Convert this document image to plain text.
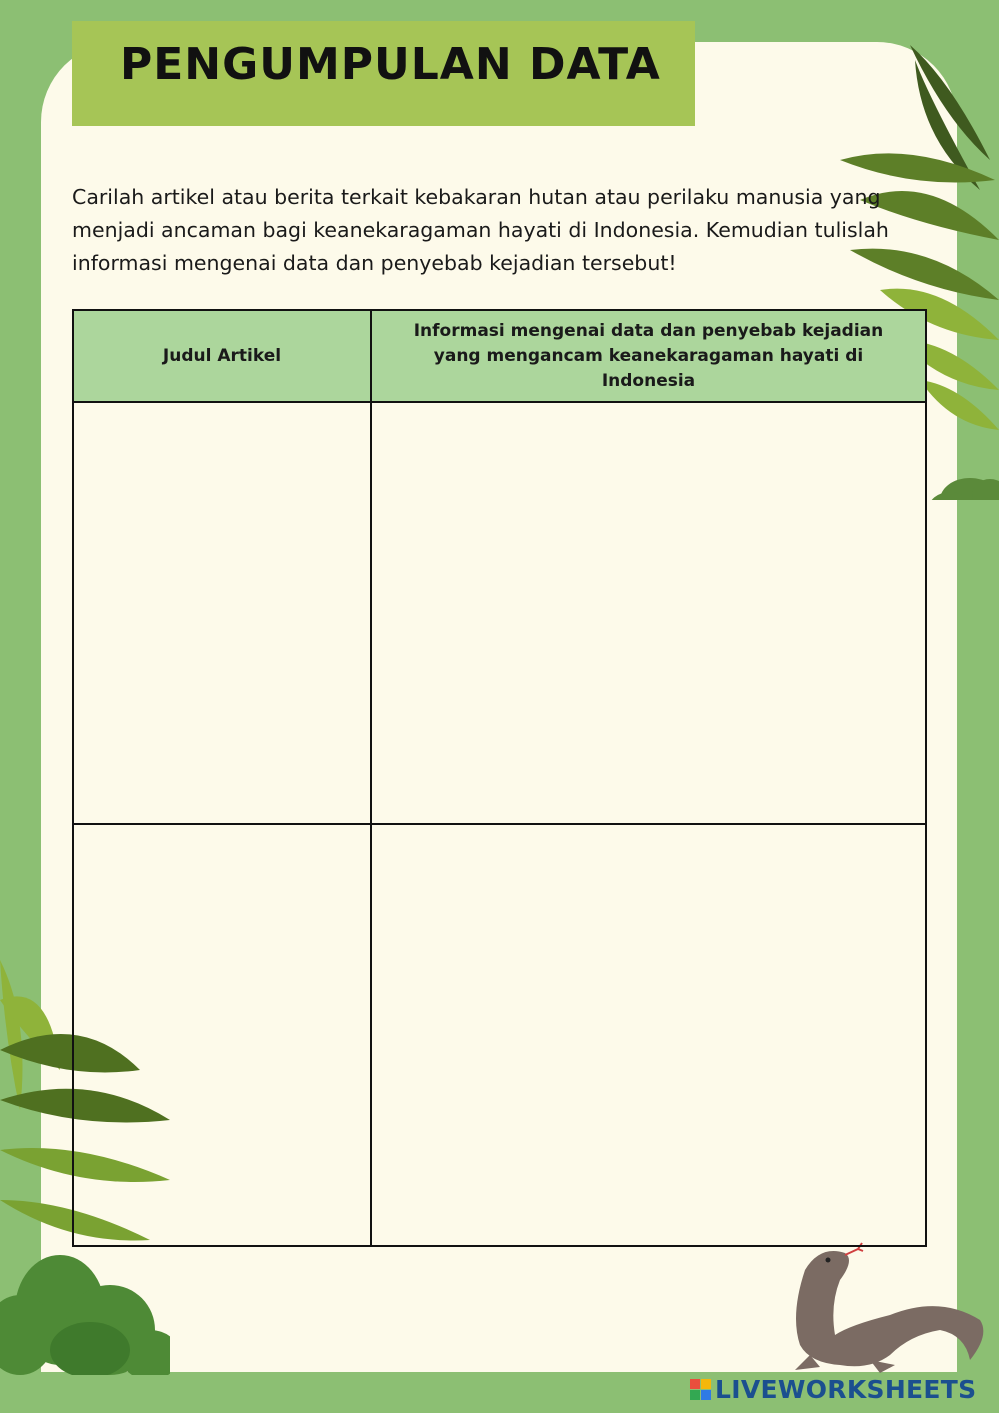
PENGUMPULAN DATA

Carilah artikel atau berita terkait kebakaran hutan atau perilaku manusia yang menjadi ancaman bagi keanekaragaman hayati di Indonesia. Kemudian tulislah informasi mengenai data dan penyebab kejadian tersebut!

Judul Artikel	Informasi mengenai data dan penyebab kejadian yang mengancam keanekaragaman hayati di Indonesia

LIVEWORKSHEETS
